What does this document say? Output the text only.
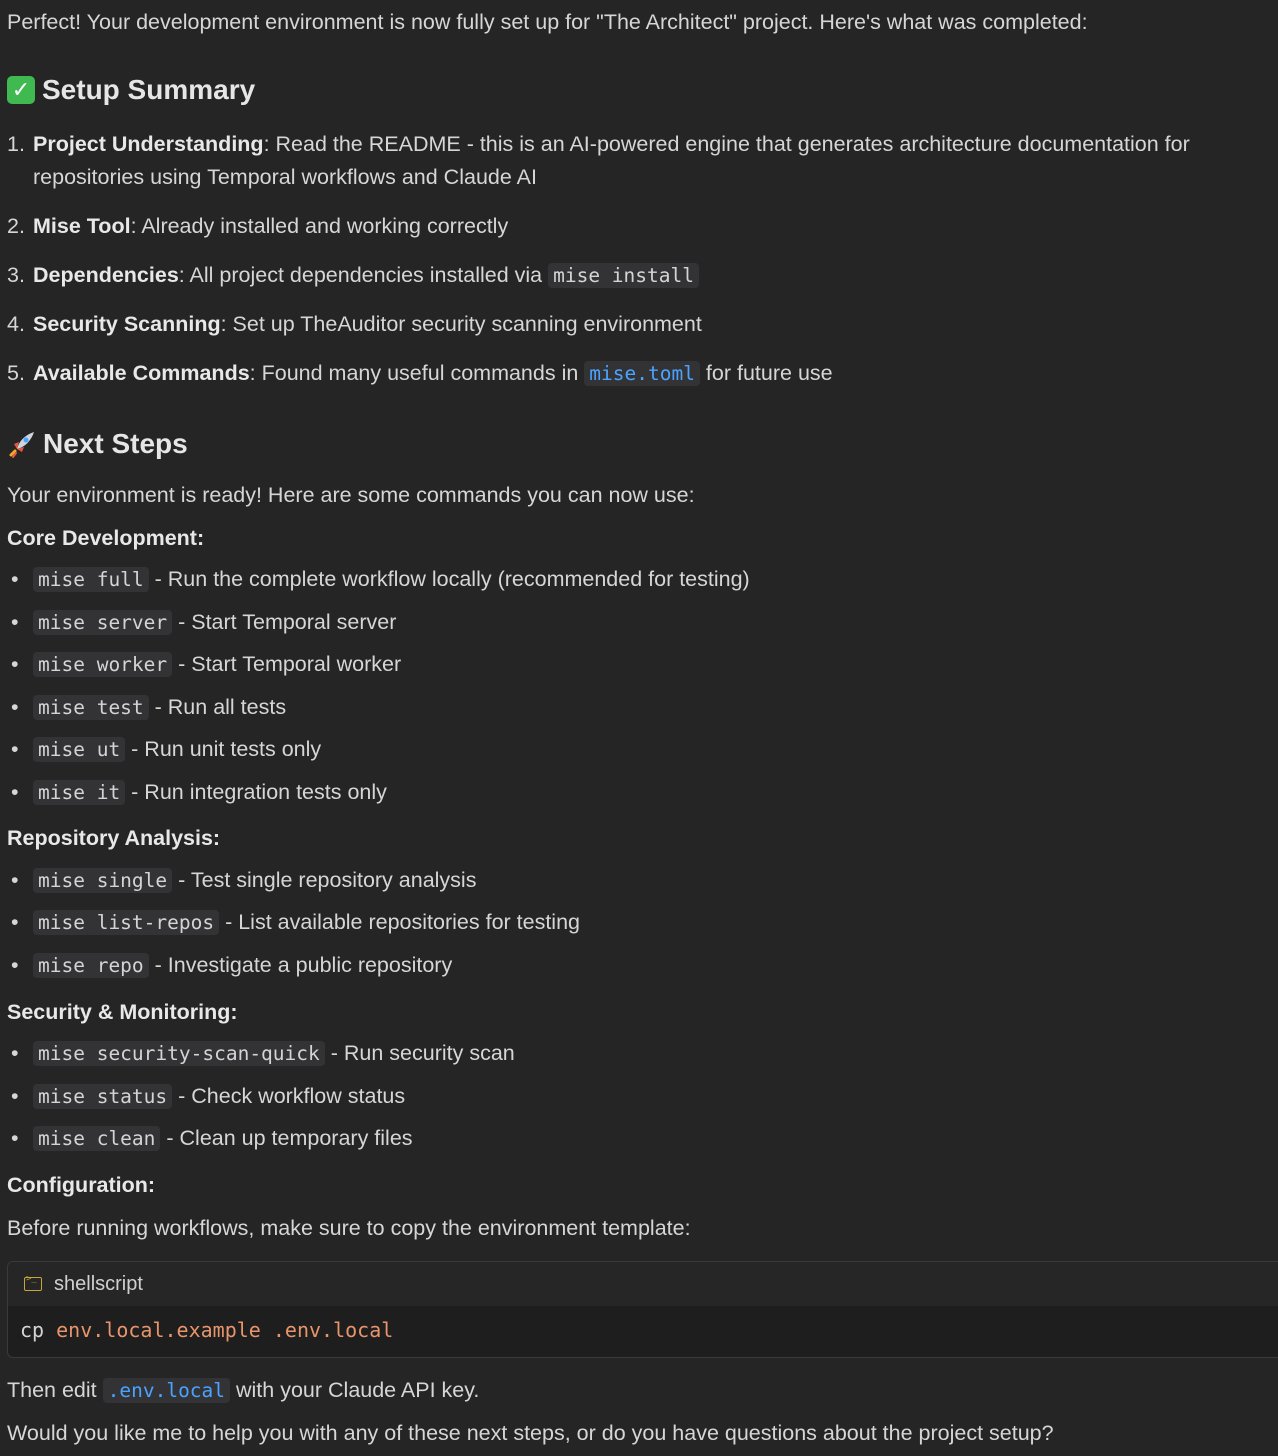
Perfect! Your development environment is now fully set up for "The Architect" project. Here's what was completed:

✓ Setup Summary
1. Project Understanding: Read the README - this is an AI-powered engine that generates architecture documentation for repositories using Temporal workflows and Claude AI
2. Mise Tool: Already installed and working correctly
3. Dependencies: All project dependencies installed via mise install
4. Security Scanning: Set up TheAuditor security scanning environment
5. Available Commands: Found many useful commands in mise.toml for future use
Next Steps

Your environment is ready! Here are some commands you can now use:

Core Development:

• mise full - Run the complete workflow locally (recommended for testing)
• mise server - Start Temporal server
• mise worker - Start Temporal worker
• mise test - Run all tests
• mise ut - Run unit tests only
• mise it - Run integration tests only

Repository Analysis:

• mise single - Test single repository analysis
• mise list-repos - List available repositories for testing
• mise repo - Investigate a public repository

Security & Monitoring:

• mise security-scan-quick - Run security scan
• mise status - Check workflow status
• mise clean - Clean up temporary files

Configuration:

Before running workflows, make sure to copy the environment template:

>_
shellscript
cp env.local.example .env.local

Then edit .env.local with your Claude API key.

Would you like me to help you with any of these next steps, or do you have questions about the project setup?
